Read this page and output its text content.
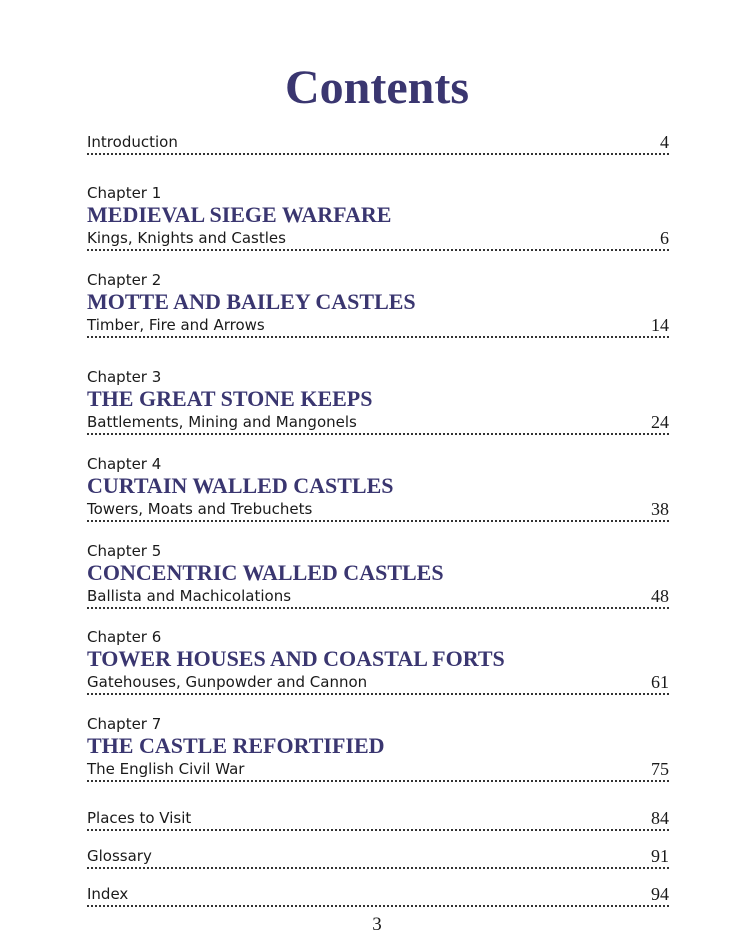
Contents
Introduction	4
Chapter 1
MEDIEVAL SIEGE WARFARE
Kings, Knights and Castles	6
Chapter 2
MOTTE AND BAILEY CASTLES
Timber, Fire and Arrows	14
Chapter 3
THE GREAT STONE KEEPS
Battlements, Mining and Mangonels	24
Chapter 4
CURTAIN WALLED CASTLES
Towers, Moats and Trebuchets	38
Chapter 5
CONCENTRIC WALLED CASTLES
Ballista and Machicolations	48
Chapter 6
TOWER HOUSES AND COASTAL FORTS
Gatehouses, Gunpowder and Cannon	61
Chapter 7
THE CASTLE REFORTIFIED
The English Civil War	75
Places to Visit	84
Glossary	91
Index	94
3
